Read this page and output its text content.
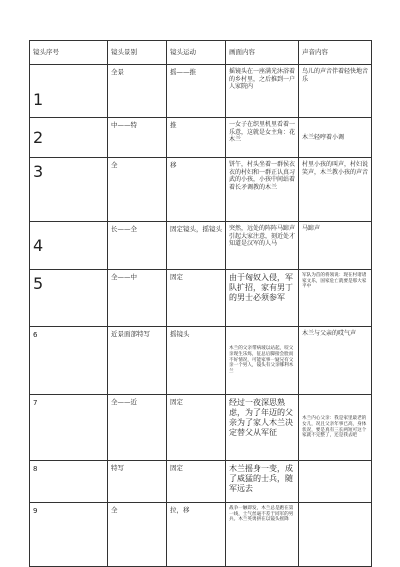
镜头序号	镜头景别	镜头运动	画面内容	声音内容
1	全景	摇——推	摇镜头在一座满光沐浴着的乡村里，之后推到一户人家院内	鸟儿的声音伴着轻快地音乐
2	中——特	推	一女子在织里机里看着一乐意，这就是女主角：花木兰	木兰轻哼着小调
3	全	移	饼午，村头坐着一群侯衣衣的村妇和一群正认真习武的小孩，小孩中间站着着长矛调教的木兰	村里小孩的叫声，村妇说笑声，木兰教小孩的声音
4	长——全	固定镜头，摇镜头	突然，远处的阵阵马蹄声引起大家注意，刻近处才知道是汉军的人马	马蹄声
5	全——中	固定	由于匈奴入侵，军队扩招，家有男丁的男士必须参军	军队为首的将领说：现在村诸诸家文乐，国家危亡就要是那大家平中
6	近景面部特写	摇镜头	木兰的父亲带病坡以站起，咬父亲现生乐烁，征总后脚接会脸而不好情况，可能家事一疑兄有父亲一个男人，镜头有父亲哪利木兰	木兰与父亲的哎气声
7	全——近	固定	经过一夜深思熟虑，为了年迈的父亲为了家人木兰决定替父从军征	木兰内心父亲：我是家里最老的女儿，况且父亲年事已高，身体状况，要是真有三长两短可这个家就不完整了，还是我去吧
8	特写	固定	木兰摇身一变，成了威猛的士兵，随军远去	
9	全	拉，移	战争一触即发，木兰总是跑在第一线，士气丝毫不差于同军的男兵。木兰英勇拼在以镜头摇降	
